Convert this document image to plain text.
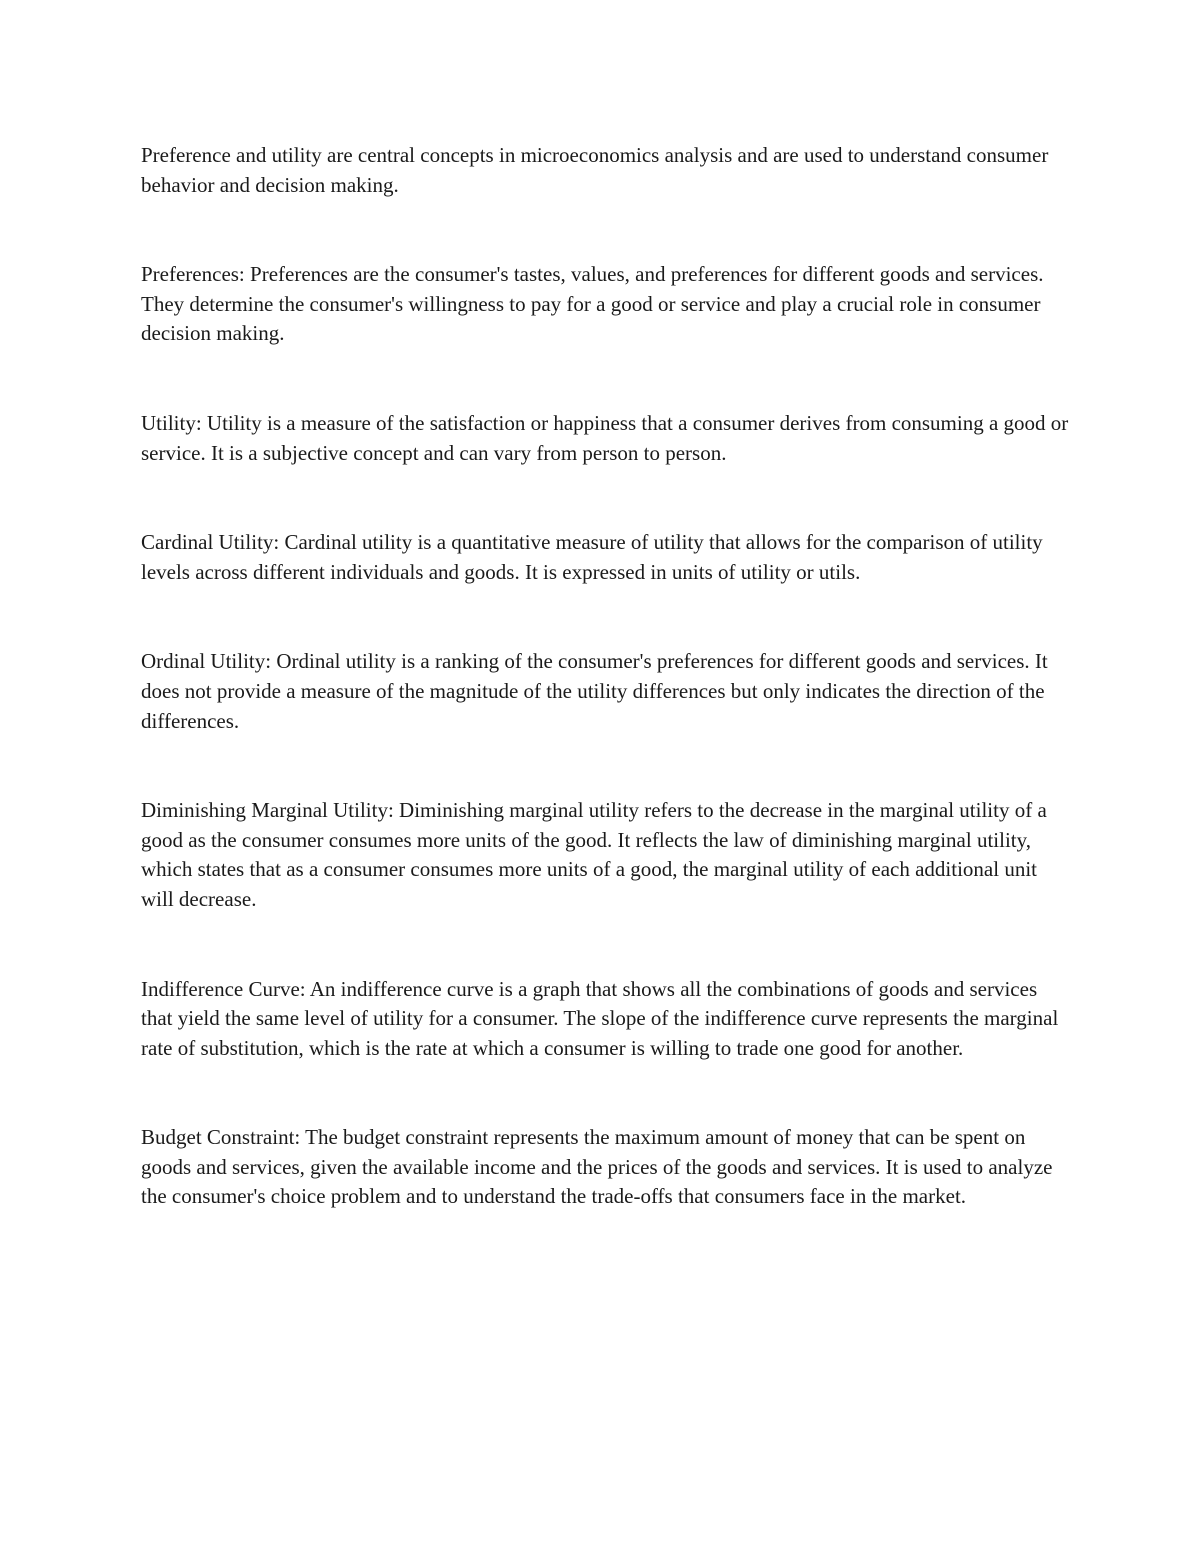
Preference and utility are central concepts in microeconomics analysis and are used to understand consumer behavior and decision making.

Preferences: Preferences are the consumer's tastes, values, and preferences for different goods and services. They determine the consumer's willingness to pay for a good or service and play a crucial role in consumer decision making.

Utility: Utility is a measure of the satisfaction or happiness that a consumer derives from consuming a good or service. It is a subjective concept and can vary from person to person.

Cardinal Utility: Cardinal utility is a quantitative measure of utility that allows for the comparison of utility levels across different individuals and goods. It is expressed in units of utility or utils.

Ordinal Utility: Ordinal utility is a ranking of the consumer's preferences for different goods and services. It does not provide a measure of the magnitude of the utility differences but only indicates the direction of the differences.

Diminishing Marginal Utility: Diminishing marginal utility refers to the decrease in the marginal utility of a good as the consumer consumes more units of the good. It reflects the law of diminishing marginal utility, which states that as a consumer consumes more units of a good, the marginal utility of each additional unit will decrease.

Indifference Curve: An indifference curve is a graph that shows all the combinations of goods and services that yield the same level of utility for a consumer. The slope of the indifference curve represents the marginal rate of substitution, which is the rate at which a consumer is willing to trade one good for another.

Budget Constraint: The budget constraint represents the maximum amount of money that can be spent on goods and services, given the available income and the prices of the goods and services. It is used to analyze the consumer's choice problem and to understand the trade-offs that consumers face in the market.
